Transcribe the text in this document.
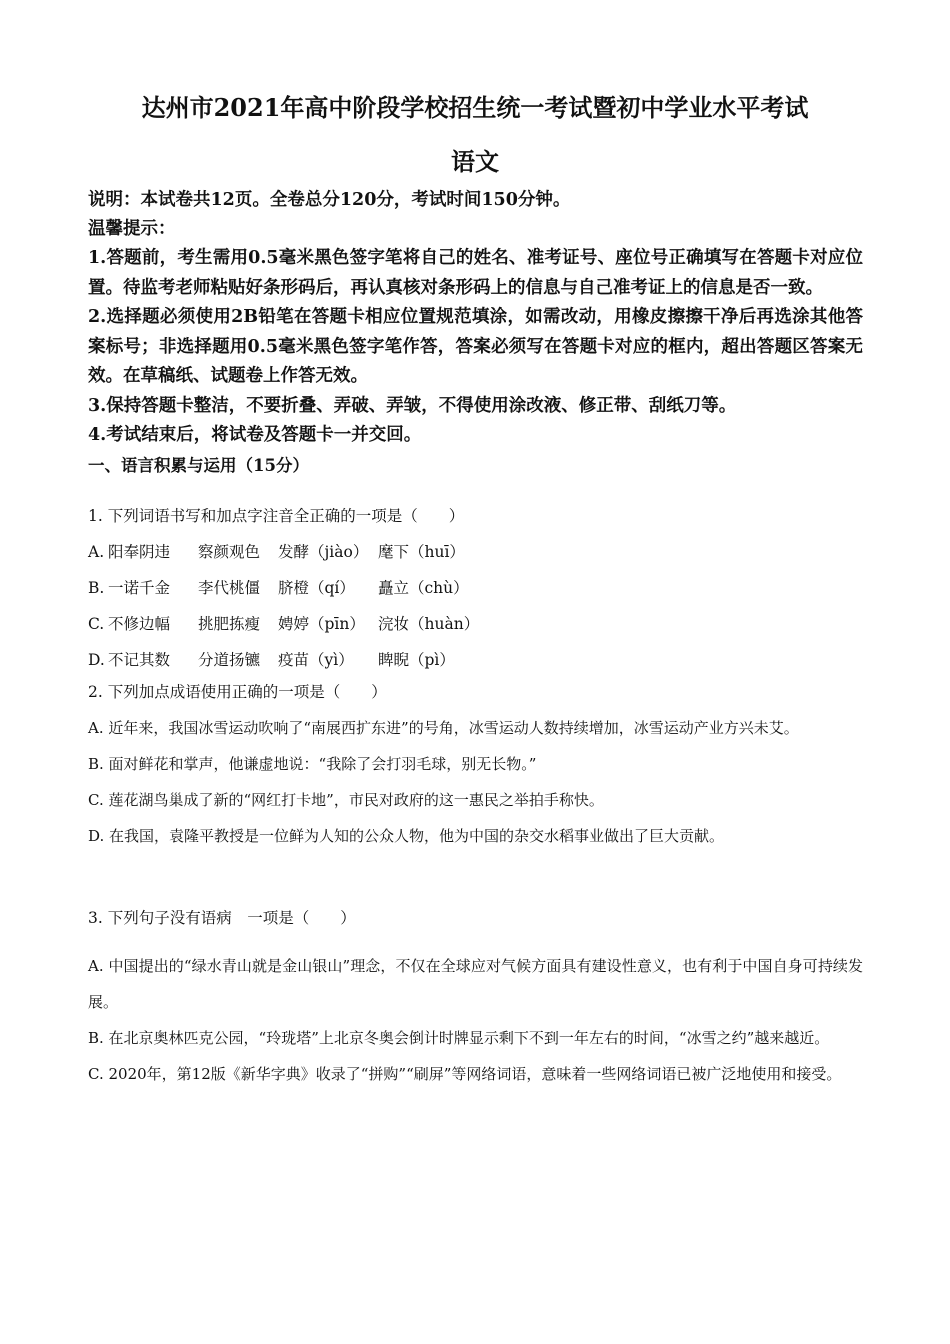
达州市2021年高中阶段学校招生统一考试暨初中学业水平考试
语文
说明：本试卷共12页。全卷总分120分，考试时间150分钟。
温馨提示：
1.答题前，考生需用0.5毫米黑色签字笔将自己的姓名、准考证号、座位号正确填写在答题卡对应位置。待监考老师粘贴好条形码后，再认真核对条形码上的信息与自己准考证上的信息是否一致。
2.选择题必须使用2B铅笔在答题卡相应位置规范填涂，如需改动，用橡皮擦擦干净后再选涂其他答案标号；非选择题用0.5毫米黑色签字笔作答，答案必须写在答题卡对应的框内，超出答题区答案无效。在草稿纸、试题卷上作答无效。
3.保持答题卡整洁，不要折叠、弄破、弄皱，不得使用涂改液、修正带、刮纸刀等。
4.考试结束后，将试卷及答题卡一并交回。
一、语言积累与运用（15分）
1. 下列词语书写和加点字注音全正确的一项是（　　）
A. 阳奉阴违 察颜观色 发酵（jiào） 麾下（huī）
B. 一诺千金 李代桃僵 脐橙（qí） 矗立（chù）
C. 不修边幅 挑肥拣瘦 娉婷（pīn） 浣妆（huàn）
D. 不记其数 分道扬镳 疫苗（yì） 睥睨（pì）
2. 下列加点成语使用正确的一项是（　　）
A. 近年来，我国冰雪运动吹响了“南展西扩东进”的号角，冰雪运动人数持续增加，冰雪运动产业方兴未艾。
B. 面对鲜花和掌声，他谦虚地说：“我除了会打羽毛球，别无长物。”
C. 莲花湖鸟巢成了新的“网红打卡地”，市民对政府的这一惠民之举拍手称快。
D. 在我国，袁隆平教授是一位鲜为人知的公众人物，他为中国的杂交水稻事业做出了巨大贡献。
3. 下列句子没有语病　一项是（　　）
A. 中国提出的“绿水青山就是金山银山”理念，不仅在全球应对气候方面具有建设性意义，也有利于中国自身可持续发展。
B. 在北京奥林匹克公园，“玲珑塔”上北京冬奥会倒计时牌显示剩下不到一年左右的时间，“冰雪之约”越来越近。
C. 2020年，第12版《新华字典》收录了“拼购”“刷屏”等网络词语，意味着一些网络词语已被广泛地使用和接受。
